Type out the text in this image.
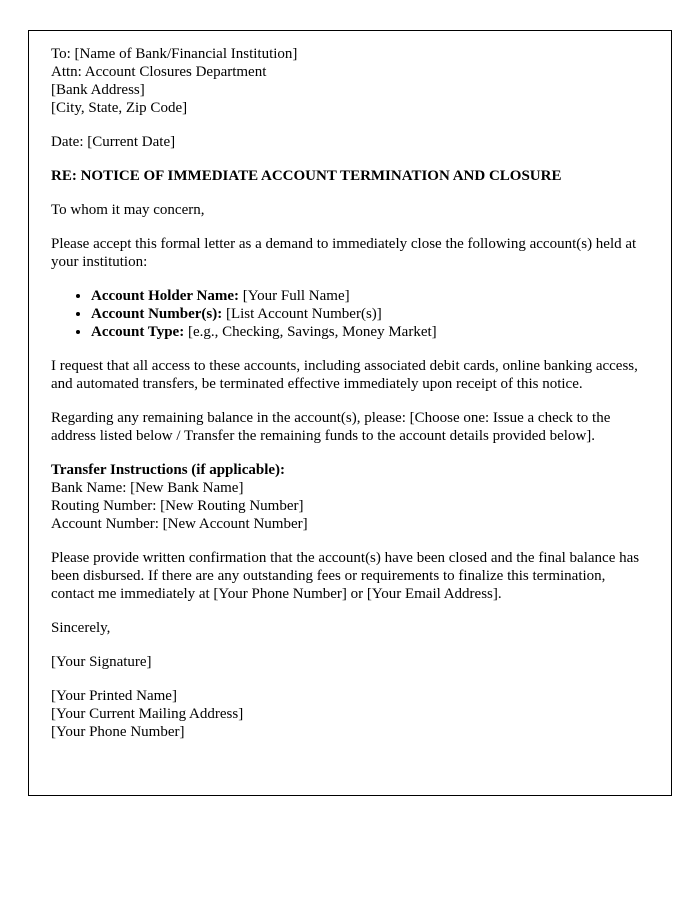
To: [Name of Bank/Financial Institution]
Attn: Account Closures Department
[Bank Address]
[City, State, Zip Code]

Date: [Current Date]

RE: NOTICE OF IMMEDIATE ACCOUNT TERMINATION AND CLOSURE

To whom it may concern,

Please accept this formal letter as a demand to immediately close the following account(s) held at your institution:

• Account Holder Name: [Your Full Name]
• Account Number(s): [List Account Number(s)]
• Account Type: [e.g., Checking, Savings, Money Market]

I request that all access to these accounts, including associated debit cards, online banking access, and automated transfers, be terminated effective immediately upon receipt of this notice.

Regarding any remaining balance in the account(s), please: [Choose one: Issue a check to the address listed below / Transfer the remaining funds to the account details provided below].

Transfer Instructions (if applicable):
Bank Name: [New Bank Name]
Routing Number: [New Routing Number]
Account Number: [New Account Number]

Please provide written confirmation that the account(s) have been closed and the final balance has been disbursed. If there are any outstanding fees or requirements to finalize this termination, contact me immediately at [Your Phone Number] or [Your Email Address].

Sincerely,

[Your Signature]

[Your Printed Name]
[Your Current Mailing Address]
[Your Phone Number]
